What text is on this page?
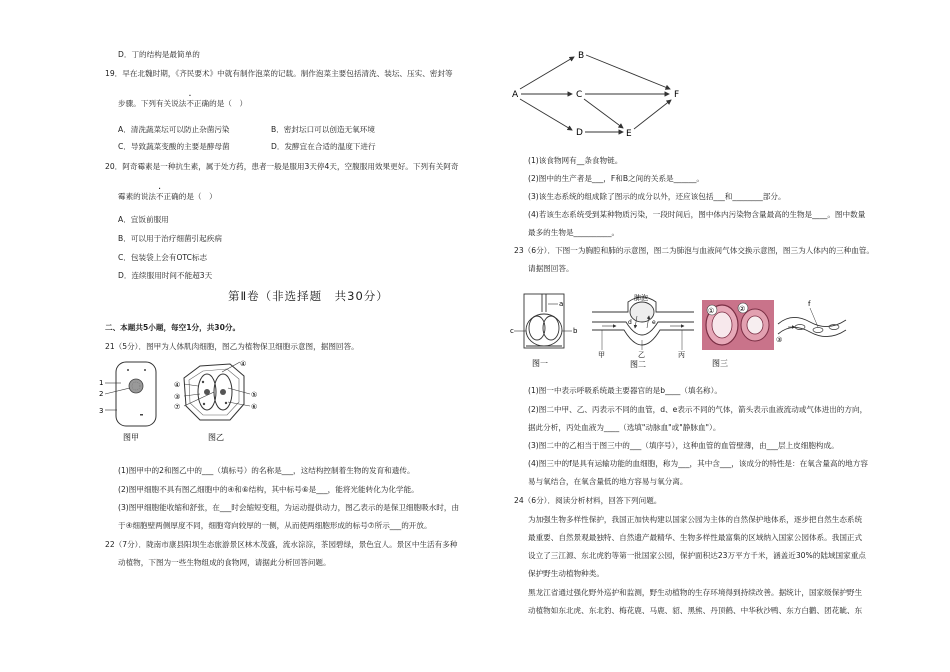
D．丁的结构是最简单的
19．早在北魏时期，《齐民要术》中就有制作泡菜的记载。制作泡菜主要包括清洗、装坛、压实、密封等
步骤。下列有关说法不正确的是（　）
A．清洗蔬菜坛可以防止杂菌污染	B．密封坛口可以创造无氧环境
C．导致蔬菜变酸的主要是酵母菌	D．发酵宜在合适的温度下进行
20．阿奇霉素是一种抗生素，属于处方药，患者一般是服用3天停4天，空腹服用效果更好。下列有关阿奇
霉素的说法不正确的是（　）
A．宜饭前服用
B．可以用于治疗细菌引起疾病
C．包装袋上会有OTC标志
D．连续服用时间不能超3天
第Ⅱ卷（非选择题　共30分）
二、本题共5小题，每空1分，共30分。
21（5分）．图甲为人体肌肉细胞，图乙为植物保卫细胞示意图，据图回答。
1
2
3
图甲
④
③
⑦
⑤
⑥
④
图乙
(1)图甲中的2和图乙中的___（填标号）的名称是___，这结构控制着生物的发育和遗传。
(2)图甲细胞不具有图乙细胞中的④和⑥结构，其中标号⑥是___，能将光能转化为化学能。
(3)图甲细胞能收缩和舒张，在___时会缩短变粗，为运动提供动力，图乙表示的是保卫细胞吸水时，由
于④细胞壁两侧厚度不同，细胞弯向较厚的一侧，从而使两细胞形成的标号⑦所示___的开放。
22（7分）．陇南市康县阳坝生态旅游景区林木茂盛，流水淙淙，茶园碧绿，景色宜人。景区中生活有多种
动植物，下图为一些生物组成的食物网，请据此分析回答问题。
A
B
C
D	E
F
(1)该食物网有__条食物链。
(2)图中的生产者是___，F和B之间的关系是______。
(3)该生态系统的组成除了图示的成分以外，还应该包括___和________部分。
(4)若该生态系统受到某种物质污染，一段时间后，图中体内污染物含量最高的生物是____。图中数量
最多的生物是__________。
23（6分）．下图一为胸腔和肺的示意图，图二为肺泡与血液间气体交换示意图，图三为人体内的三种血管。
请据图回答。
a
b
c
图一
肺泡
d	e
甲	乙	丙
图二
①	②
③
f
图三
(1)图一中表示呼吸系统最主要器官的是b____（填名称）。
(2)图二中甲、乙、丙表示不同的血管，d、e表示不同的气体，箭头表示血液流动或气体进出的方向，
据此分析，丙处血液为____（选填"动脉血"或"静脉血"）。
(3)图二中的乙相当于图三中的___（填序号），这种血管的血管壁薄，由___层上皮细胞构成。
(4)图三中的f是具有运输功能的血细胞，称为___，其中含___，该成分的特性是：在氧含量高的地方容
易与氧结合，在氧含量低的地方容易与氧分离。
24（6分）．阅读分析材料，回答下列问题。
为加强生物多样性保护，我国正加快构建以国家公园为主体的自然保护地体系，逐步把自然生态系统
最重要、自然景观最独特、自然遗产最精华、生物多样性最富集的区域纳入国家公园体系。我国正式
设立了三江源、东北虎豹等第一批国家公园，保护面积达23万平方千米，涵盖近30%的陆域国家重点
保护野生动植物种类。
黑龙江省通过强化野外巡护和监测，野生动植物的生存环境得到持续改善。据统计，国家级保护野生
动植物如东北虎、东北豹、梅花鹿、马鹿、貂、黑熊、丹顶鹤、中华秋沙鸭、东方白鹳、团花眦、东
